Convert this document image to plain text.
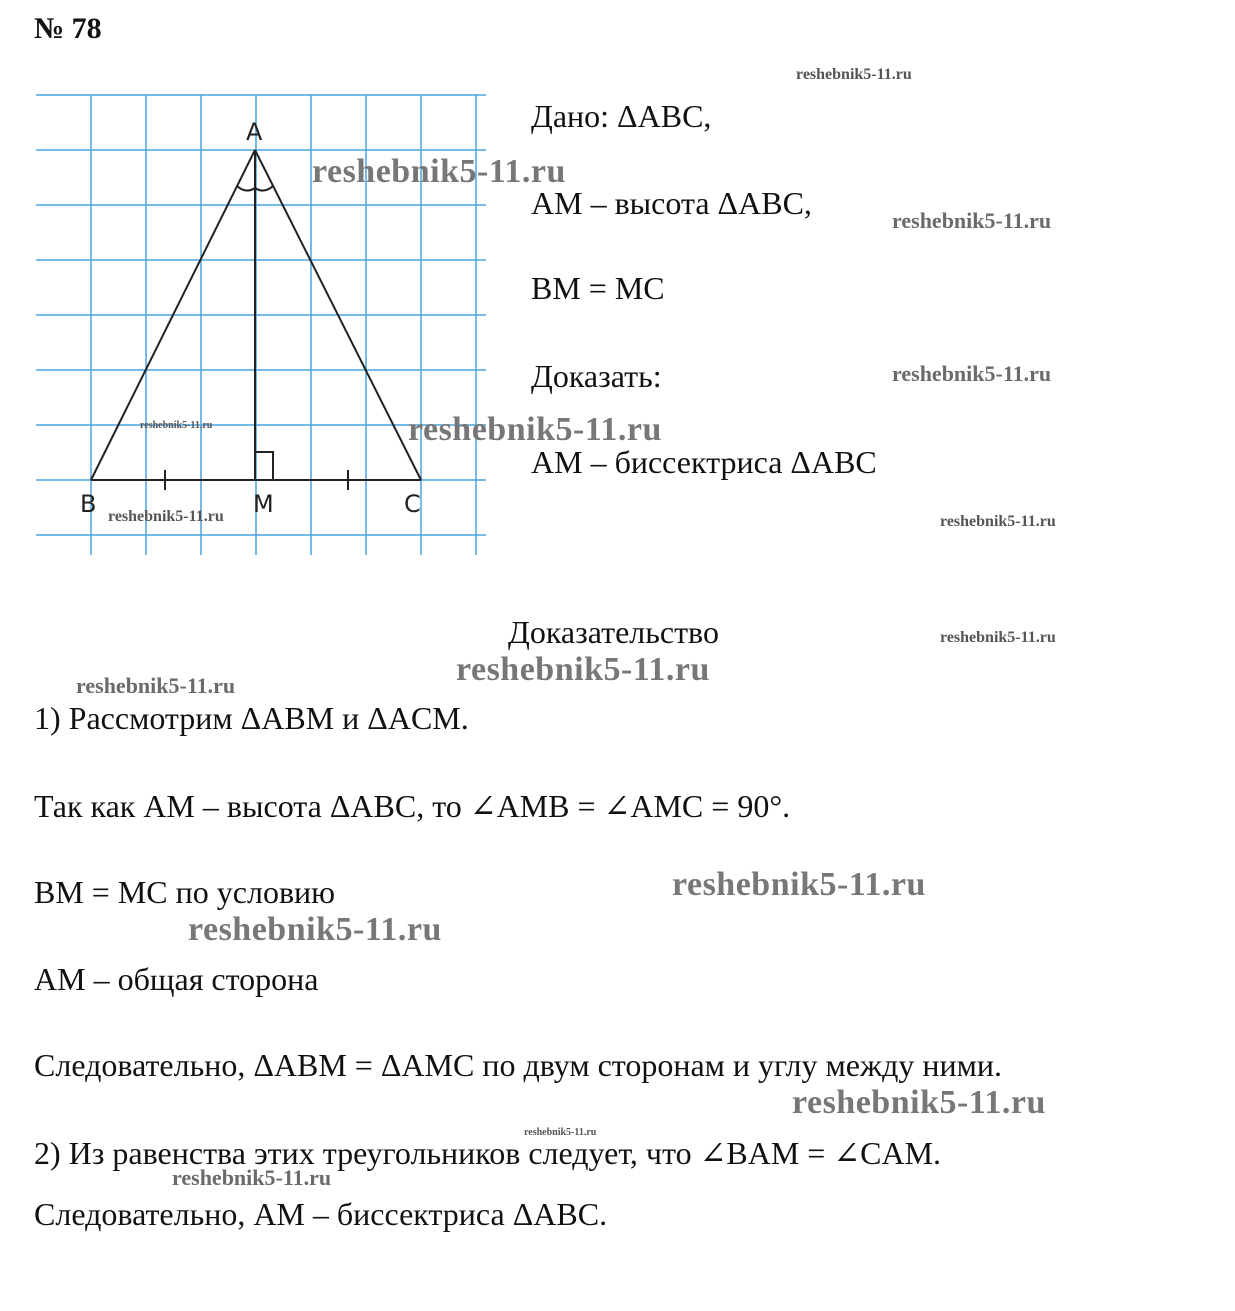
№ 78
A
B	M	C
Дано: ΔABC,
AM – высота ΔABC,
BM = MC
Доказать:
AM – биссектриса ΔABC
Доказательство
1) Рассмотрим ΔABM и ΔACM.
Так как AM – высота ΔABC, то ∠AMB = ∠AMC = 90°.
BM = MC по условию
AM – общая сторона
Следовательно, ΔABM = ΔAMC по двум сторонам и углу между ними.
2) Из равенства этих треугольников следует, что ∠BAM = ∠CAM.
Следовательно, AM – биссектриса ΔABC.
reshebnik5-11.ru
reshebnik5-11.ru
reshebnik5-11.ru
reshebnik5-11.ru
reshebnik5-11.ru	reshebnik5-11.ru
reshebnik5-11.ru	reshebnik5-11.ru
reshebnik5-11.ru
reshebnik5-11.ru
reshebnik5-11.ru
reshebnik5-11.ru
reshebnik5-11.ru
reshebnik5-11.ru
reshebnik5-11.ru
reshebnik5-11.ru
